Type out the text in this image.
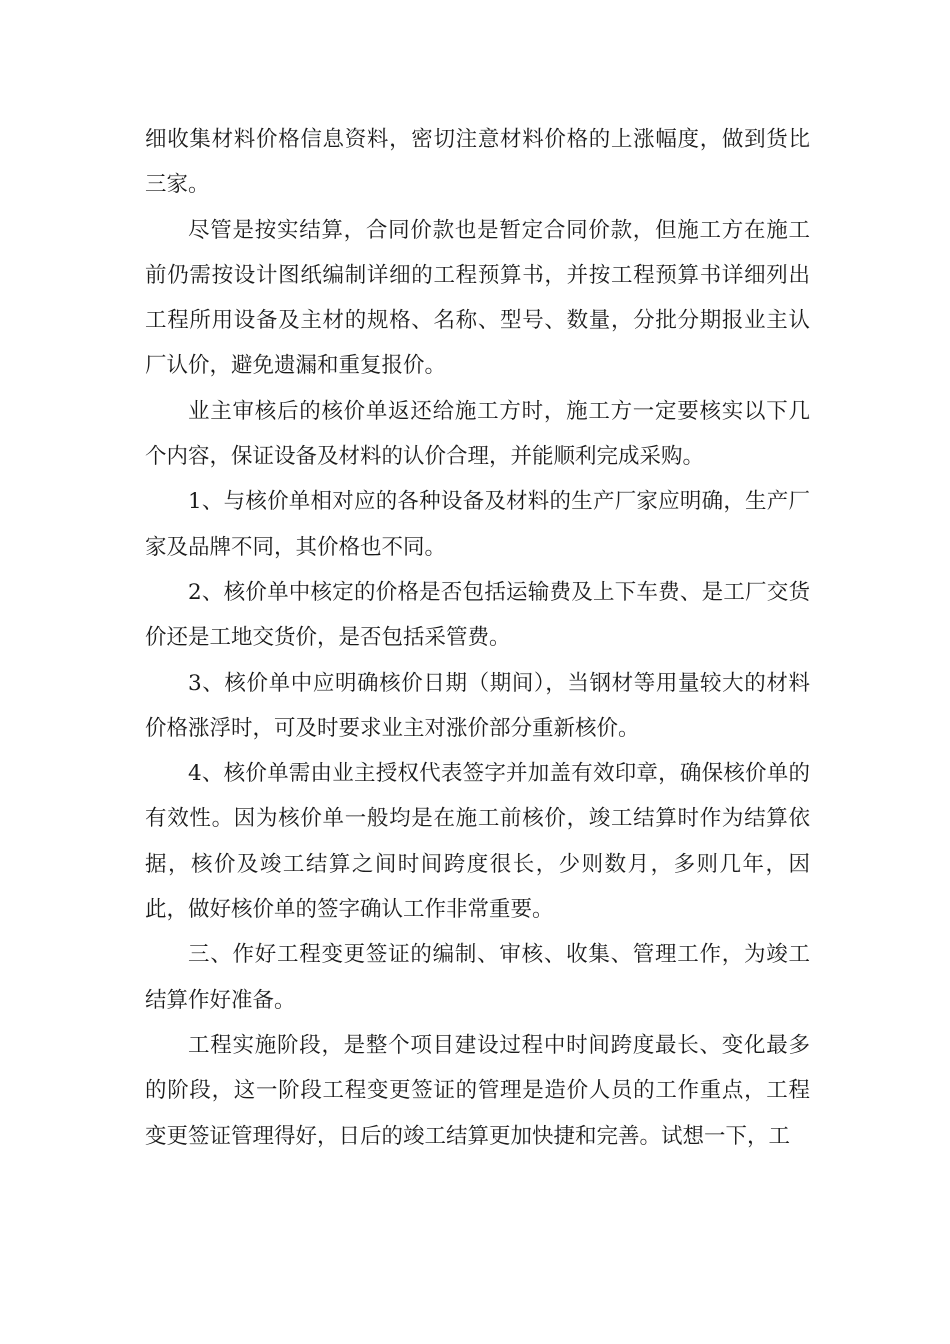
细收集材料价格信息资料，密切注意材料价格的上涨幅度，做到货比三家。

尽管是按实结算，合同价款也是暂定合同价款，但施工方在施工前仍需按设计图纸编制详细的工程预算书，并按工程预算书详细列出工程所用设备及主材的规格、名称、型号、数量，分批分期报业主认厂认价，避免遗漏和重复报价。

业主审核后的核价单返还给施工方时，施工方一定要核实以下几个内容，保证设备及材料的认价合理，并能顺利完成采购。

1、与核价单相对应的各种设备及材料的生产厂家应明确，生产厂家及品牌不同，其价格也不同。

2、核价单中核定的价格是否包括运输费及上下车费、是工厂交货价还是工地交货价，是否包括采管费。

3、核价单中应明确核价日期（期间），当钢材等用量较大的材料价格涨浮时，可及时要求业主对涨价部分重新核价。

4、核价单需由业主授权代表签字并加盖有效印章，确保核价单的有效性。因为核价单一般均是在施工前核价，竣工结算时作为结算依据，核价及竣工结算之间时间跨度很长，少则数月，多则几年，因此，做好核价单的签字确认工作非常重要。

三、作好工程变更签证的编制、审核、收集、管理工作，为竣工结算作好准备。

工程实施阶段，是整个项目建设过程中时间跨度最长、变化最多的阶段，这一阶段工程变更签证的管理是造价人员的工作重点，工程变更签证管理得好，日后的竣工结算更加快捷和完善。试想一下，工
